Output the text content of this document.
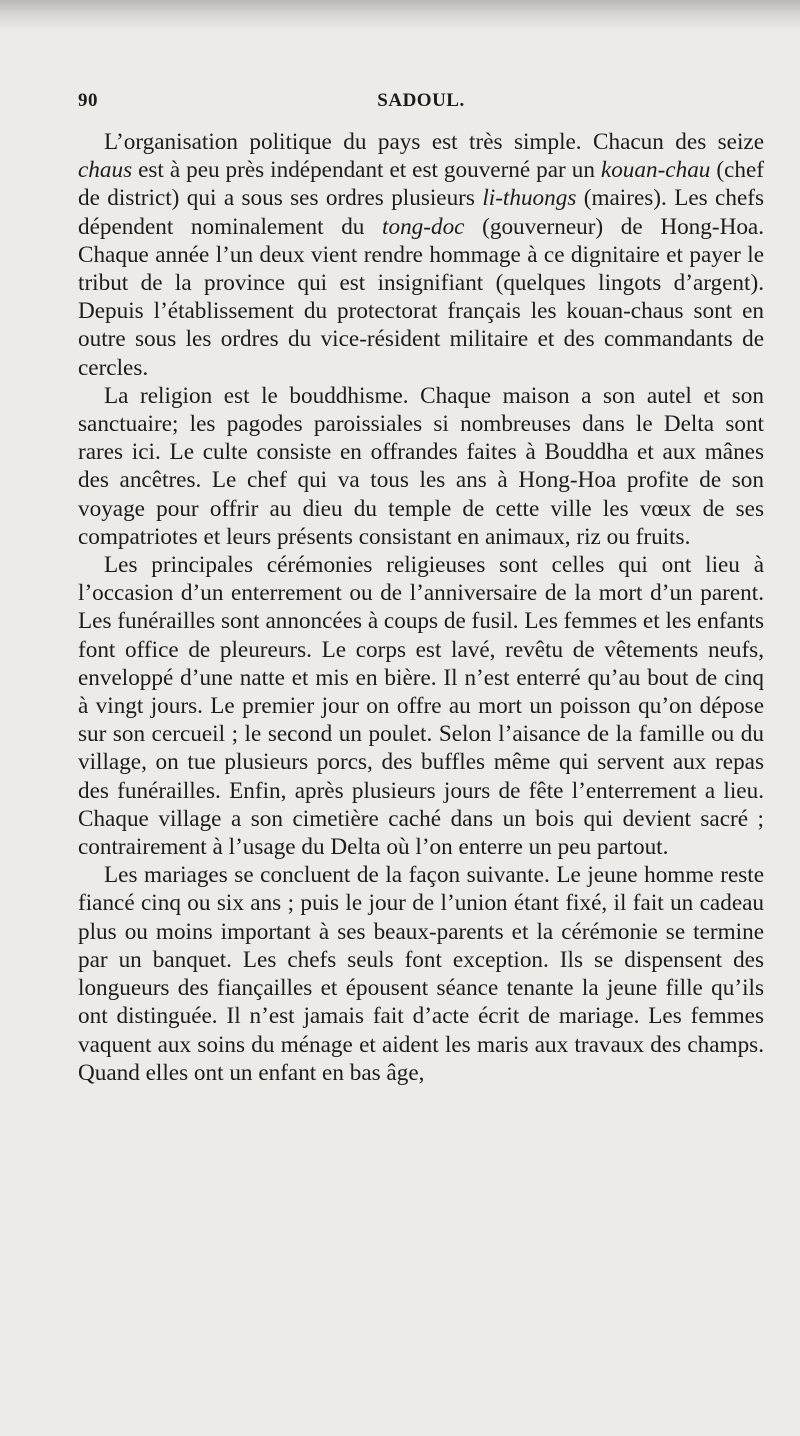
90	SADOUL.

L’organisation politique du pays est très simple. Chacun des seize chaus est à peu près indépendant et est gouverné par un kouan-chau (chef de district) qui a sous ses ordres plusieurs li-thuongs (maires). Les chefs dépendent nominalement du tong-doc (gouverneur) de Hong-Hoa. Chaque année l’un deux vient rendre hommage à ce dignitaire et payer le tribut de la province qui est insignifiant (quelques lingots d’argent). Depuis l’établissement du protectorat français les kouan-chaus sont en outre sous les ordres du vice-résident militaire et des commandants de cercles.

La religion est le bouddhisme. Chaque maison a son autel et son sanctuaire; les pagodes paroissiales si nombreuses dans le Delta sont rares ici. Le culte consiste en offrandes faites à Bouddha et aux mânes des ancêtres. Le chef qui va tous les ans à Hong-Hoa profite de son voyage pour offrir au dieu du temple de cette ville les vœux de ses compatriotes et leurs présents consistant en animaux, riz ou fruits.

Les principales cérémonies religieuses sont celles qui ont lieu à l’occasion d’un enterrement ou de l’anniversaire de la mort d’un parent. Les funérailles sont annoncées à coups de fusil. Les femmes et les enfants font office de pleureurs. Le corps est lavé, revêtu de vêtements neufs, enveloppé d’une natte et mis en bière. Il n’est enterré qu’au bout de cinq à vingt jours. Le premier jour on offre au mort un poisson qu’on dépose sur son cercueil ; le second un poulet. Selon l’aisance de la famille ou du village, on tue plusieurs porcs, des buffles même qui servent aux repas des funérailles. Enfin, après plusieurs jours de fête l’enterrement a lieu. Chaque village a son cimetière caché dans un bois qui devient sacré ; contrairement à l’usage du Delta où l’on enterre un peu partout.

Les mariages se concluent de la façon suivante. Le jeune homme reste fiancé cinq ou six ans ; puis le jour de l’union étant fixé, il fait un cadeau plus ou moins important à ses beaux-parents et la cérémonie se termine par un banquet. Les chefs seuls font exception. Ils se dispensent des longueurs des fiançailles et épousent séance tenante la jeune fille qu’ils ont distinguée. Il n’est jamais fait d’acte écrit de mariage. Les femmes vaquent aux soins du ménage et aident les maris aux travaux des champs. Quand elles ont un enfant en bas âge,
